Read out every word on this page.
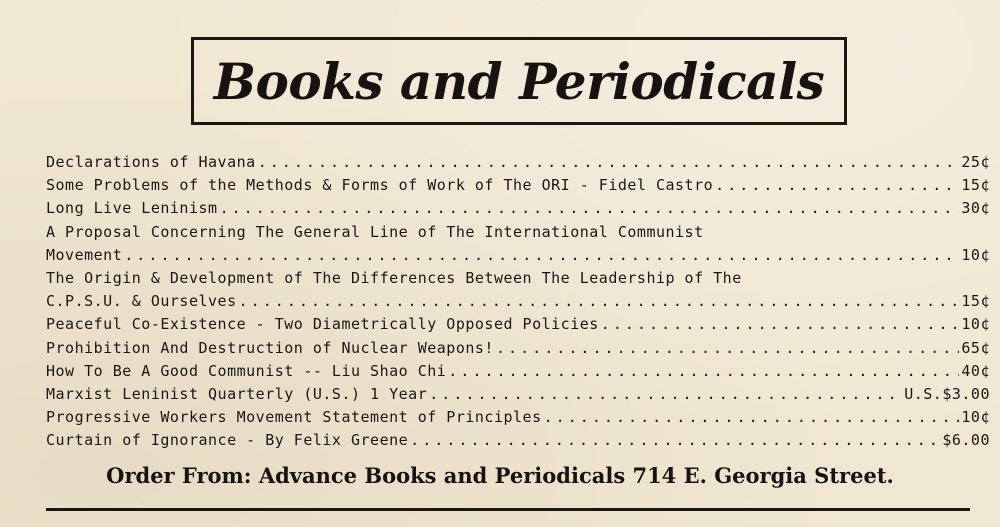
Books and Periodicals
Declarations of Havana . . .	25¢
Some Problems of the Methods & Forms of Work of The ORI - Fidel Castro . . .	15¢
Long Live Leninism . . .	30¢
A Proposal Concerning The General Line of The International Communist
Movement . . .	10¢
The Origin & Development of The Differences Between The Leadership of The
C.P.S.U. & Ourselves . . .	15¢
Peaceful Co-Existence - Two Diametrically Opposed Policies . . .	10¢
Prohibition And Destruction of Nuclear Weapons! . . .	65¢
How To Be A Good Communist -- Liu Shao Chi . . .	40¢
Marxist Leninist Quarterly (U.S.) 1 Year . . .	U.S.$3.00
Progressive Workers Movement Statement of Principles . . .	10¢
Curtain of Ignorance - By Felix Greene . . .	$6.00
Order From: Advance Books and Periodicals 714 E. Georgia Street.
